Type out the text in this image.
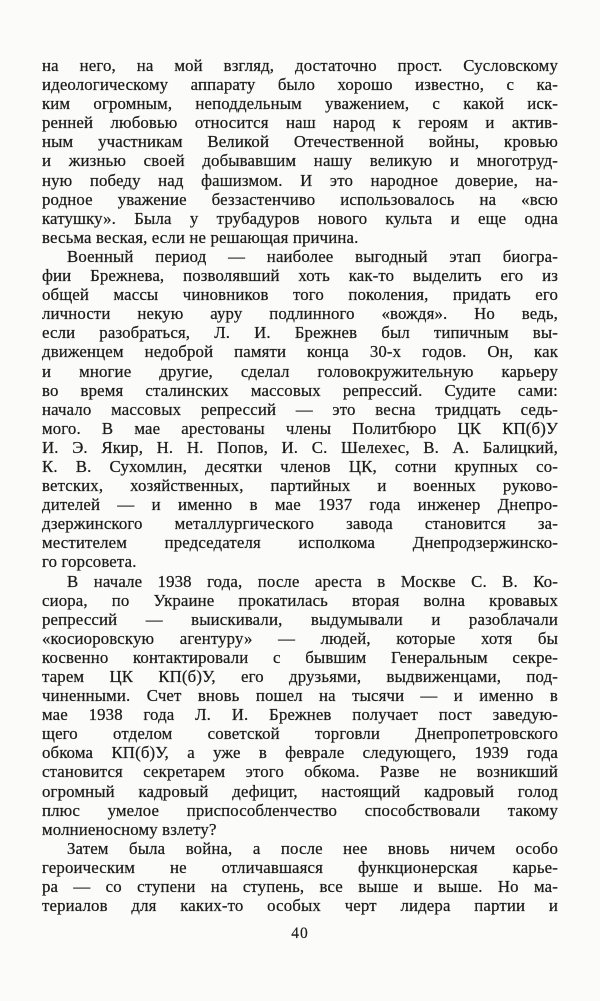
на него, на мой взгляд, достаточно прост. Сусловскому
идеологическому аппарату было хорошо известно, с ка-
ким огромным, неподдельным уважением, с какой иск-
ренней любовью относится наш народ к героям и актив-
ным участникам Великой Отечественной войны, кровью
и жизнью своей добывавшим нашу великую и многотруд-
ную победу над фашизмом. И это народное доверие, на-
родное уважение беззастенчиво использовалось на «всю
катушку». Была у трубадуров нового культа и еще одна
весьма веская, если не решающая причина.
Военный период — наиболее выгодный этап биогра-
фии Брежнева, позволявший хоть как-то выделить его из
общей массы чиновников того поколения, придать его
личности некую ауру подлинного «вождя». Но ведь,
если разобраться, Л. И. Брежнев был типичным вы-
движенцем недоброй памяти конца 30-х годов. Он, как
и многие другие, сделал головокружительную карьеру
во время сталинских массовых репрессий. Судите сами:
начало массовых репрессий — это весна тридцать седь-
мого. В мае арестованы члены Политбюро ЦК КП(б)У
И. Э. Якир, Н. Н. Попов, И. С. Шелехес, В. А. Балицкий,
К. В. Сухомлин, десятки членов ЦК, сотни крупных со-
ветских, хозяйственных, партийных и военных руково-
дителей — и именно в мае 1937 года инженер Днепро-
дзержинского металлургического завода становится за-
местителем председателя исполкома Днепродзержинско-
го горсовета.
В начале 1938 года, после ареста в Москве С. В. Ко-
сиора, по Украине прокатилась вторая волна кровавых
репрессий — выискивали, выдумывали и разоблачали
«косиоровскую агентуру» — людей, которые хотя бы
косвенно контактировали с бывшим Генеральным секре-
тарем ЦК КП(б)У, его друзьями, выдвиженцами, под-
чиненными. Счет вновь пошел на тысячи — и именно в
мае 1938 года Л. И. Брежнев получает пост заведую-
щего отделом советской торговли Днепропетровского
обкома КП(б)У, а уже в феврале следующего, 1939 года
становится секретарем этого обкома. Разве не возникший
огромный кадровый дефицит, настоящий кадровый голод
плюс умелое приспособленчество способствовали такому
молниеносному взлету?
Затем была война, а после нее вновь ничем особо
героическим не отличавшаяся функционерская карье-
ра — со ступени на ступень, все выше и выше. Но ма-
териалов для каких-то особых черт лидера партии и
40
